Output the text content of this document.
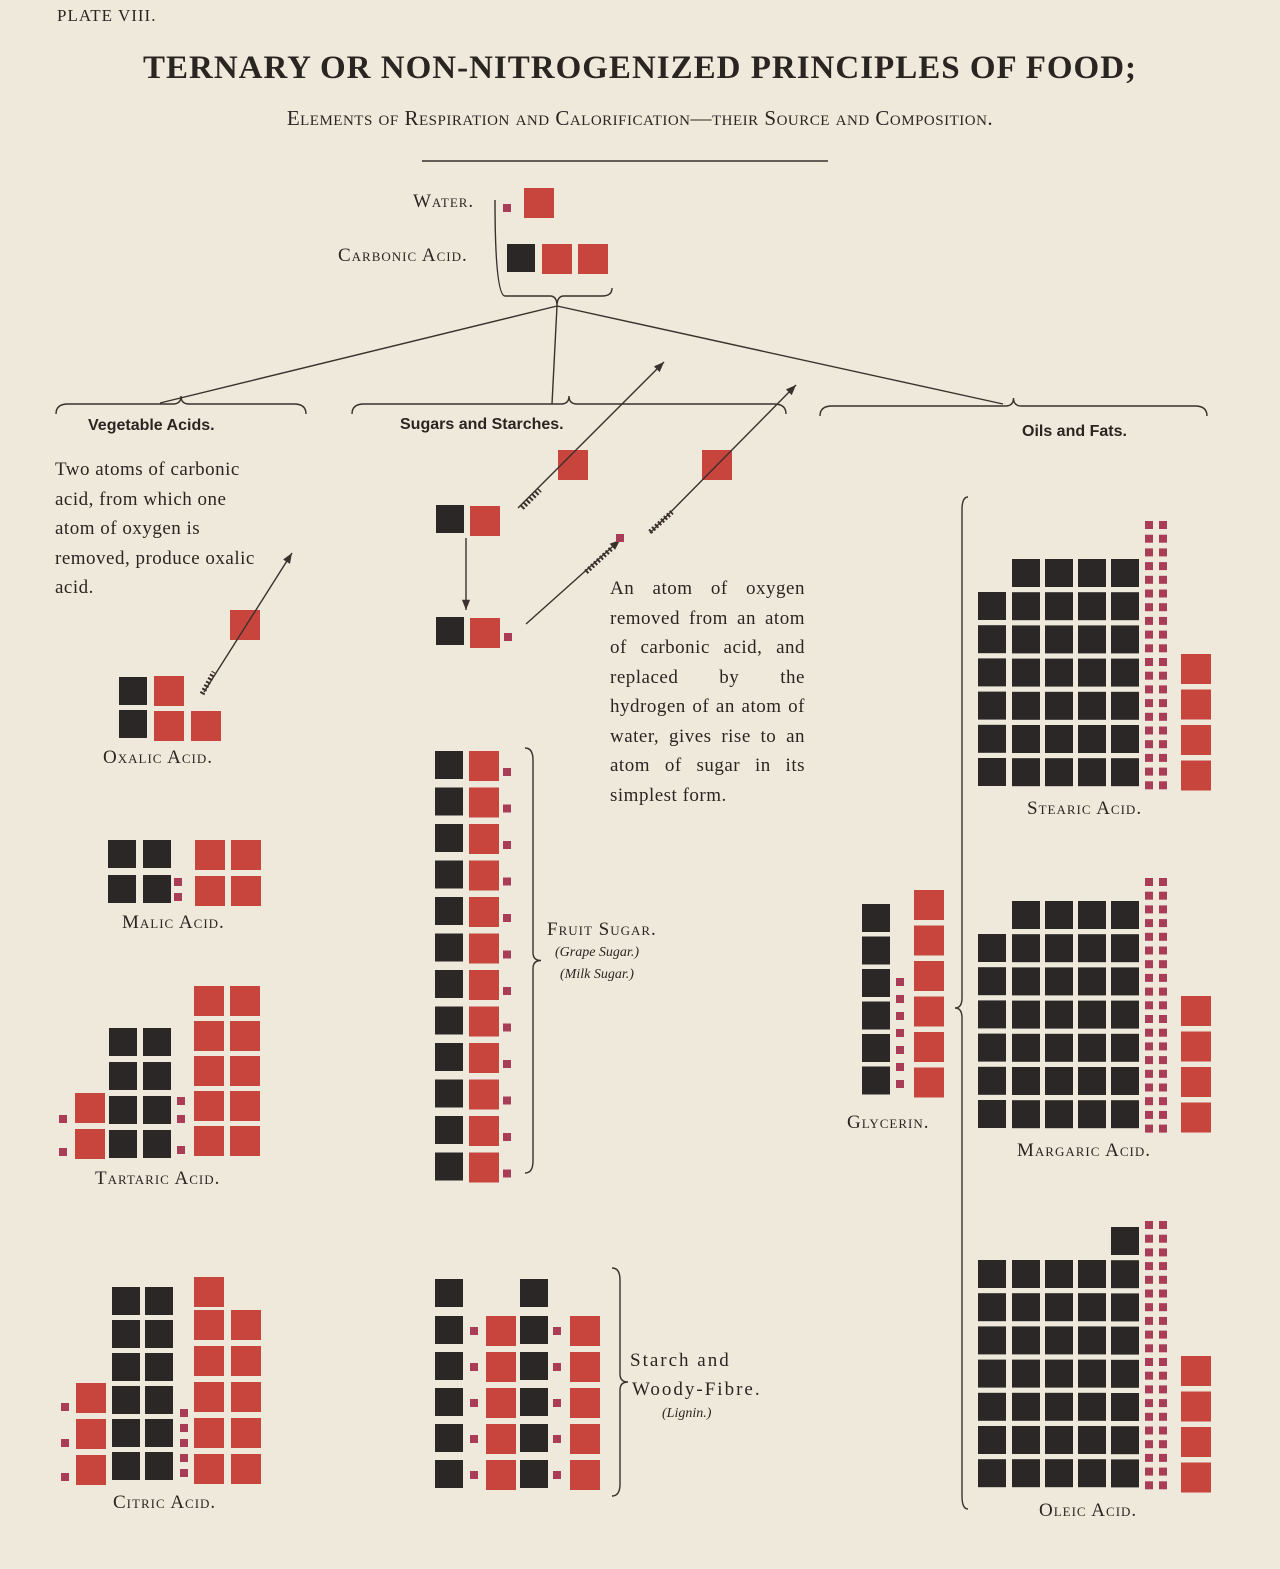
PLATE VIII.
TERNARY OR NON-NITROGENIZED PRINCIPLES OF FOOD;
Elements of Respiration and Calorification—their Source and Composition.
Water.
Carbonic Acid.
Vegetable Acids.	Sugars and Starches.	Oils and Fats.
Two atoms of carbonic acid, from which one atom of oxygen is removed, produce oxalic acid.	An atom of oxygen removed from an atom of carbonic acid, and replaced by the hydrogen of an atom of water, gives rise to an atom of sugar in its simplest form.
Oxalic Acid.
Malic Acid.
Tartaric Acid.
Citric Acid.
Fruit Sugar.
(Grape Sugar.)
(Milk Sugar.)
Starch and
Woody-Fibre.
(Lignin.)
Glycerin.
Stearic Acid.
Margaric Acid.
Oleic Acid.
